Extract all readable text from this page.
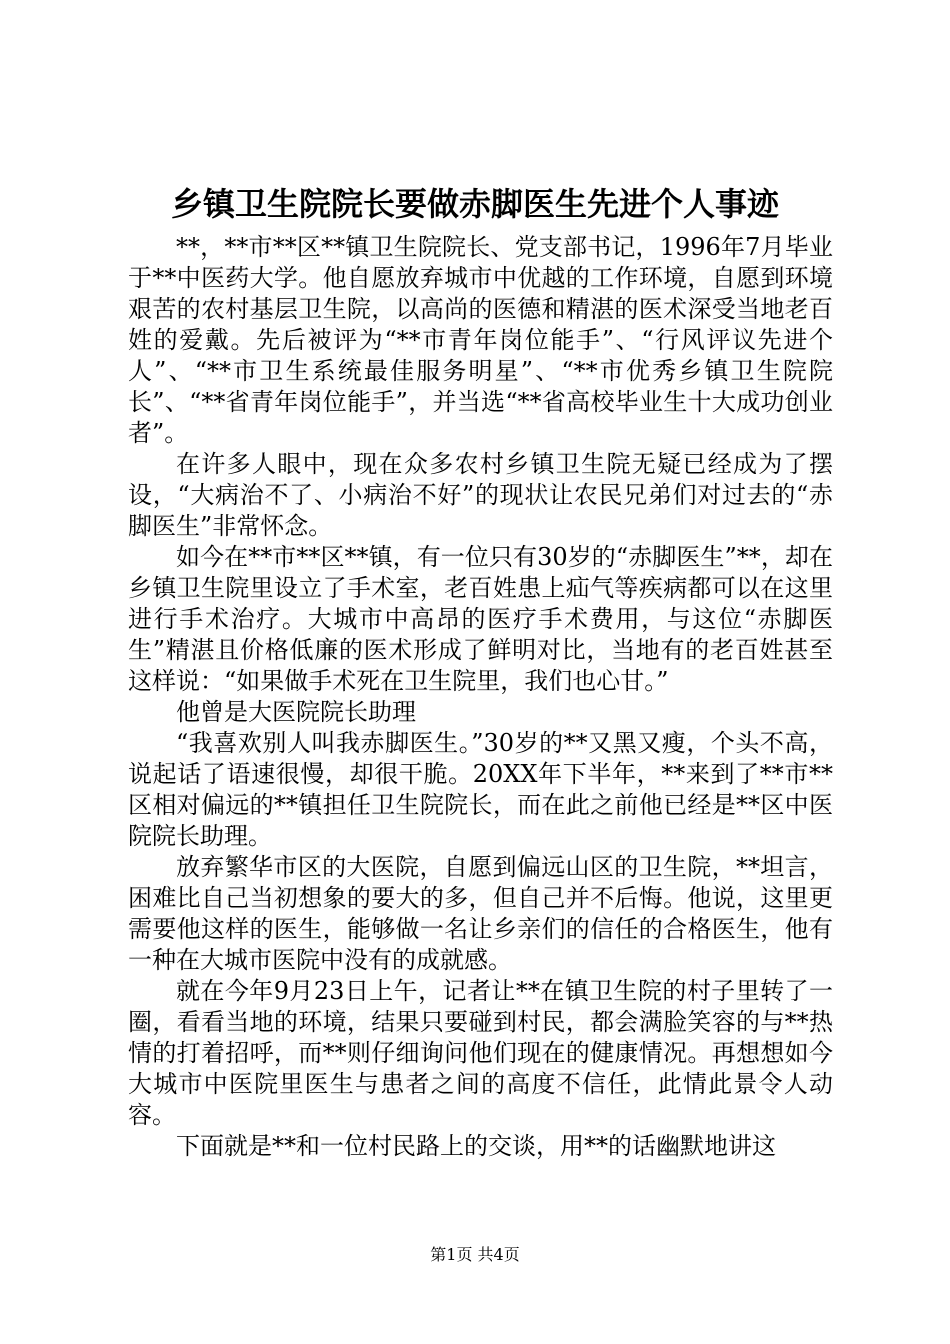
乡镇卫生院院长要做赤脚医生先进个人事迹

**，**市**区**镇卫生院院长、党支部书记，1996年7月毕业于**中医药大学。他自愿放弃城市中优越的工作环境，自愿到环境艰苦的农村基层卫生院，以高尚的医德和精湛的医术深受当地老百姓的爱戴。先后被评为“**市青年岗位能手”、“行风评议先进个人”、“**市卫生系统最佳服务明星”、“**市优秀乡镇卫生院院长”、“**省青年岗位能手”，并当选“**省高校毕业生十大成功创业者”。

在许多人眼中，现在众多农村乡镇卫生院无疑已经成为了摆设，“大病治不了、小病治不好”的现状让农民兄弟们对过去的“赤脚医生”非常怀念。

如今在**市**区**镇，有一位只有30岁的“赤脚医生”**，却在乡镇卫生院里设立了手术室，老百姓患上疝气等疾病都可以在这里进行手术治疗。大城市中高昂的医疗手术费用，与这位“赤脚医生”精湛且价格低廉的医术形成了鲜明对比，当地有的老百姓甚至这样说：“如果做手术死在卫生院里，我们也心甘。”

他曾是大医院院长助理

“我喜欢别人叫我赤脚医生。”30岁的**又黑又瘦，个头不高，说起话了语速很慢，却很干脆。20XX年下半年，**来到了**市**区相对偏远的**镇担任卫生院院长，而在此之前他已经是**区中医院院长助理。

放弃繁华市区的大医院，自愿到偏远山区的卫生院，**坦言，困难比自己当初想象的要大的多，但自己并不后悔。他说，这里更需要他这样的医生，能够做一名让乡亲们的信任的合格医生，他有一种在大城市医院中没有的成就感。

就在今年9月23日上午，记者让**在镇卫生院的村子里转了一圈，看看当地的环境，结果只要碰到村民，都会满脸笑容的与**热情的打着招呼，而**则仔细询问他们现在的健康情况。再想想如今大城市中医院里医生与患者之间的高度不信任，此情此景令人动容。

下面就是**和一位村民路上的交谈，用**的话幽默地讲这

第1页 共4页
